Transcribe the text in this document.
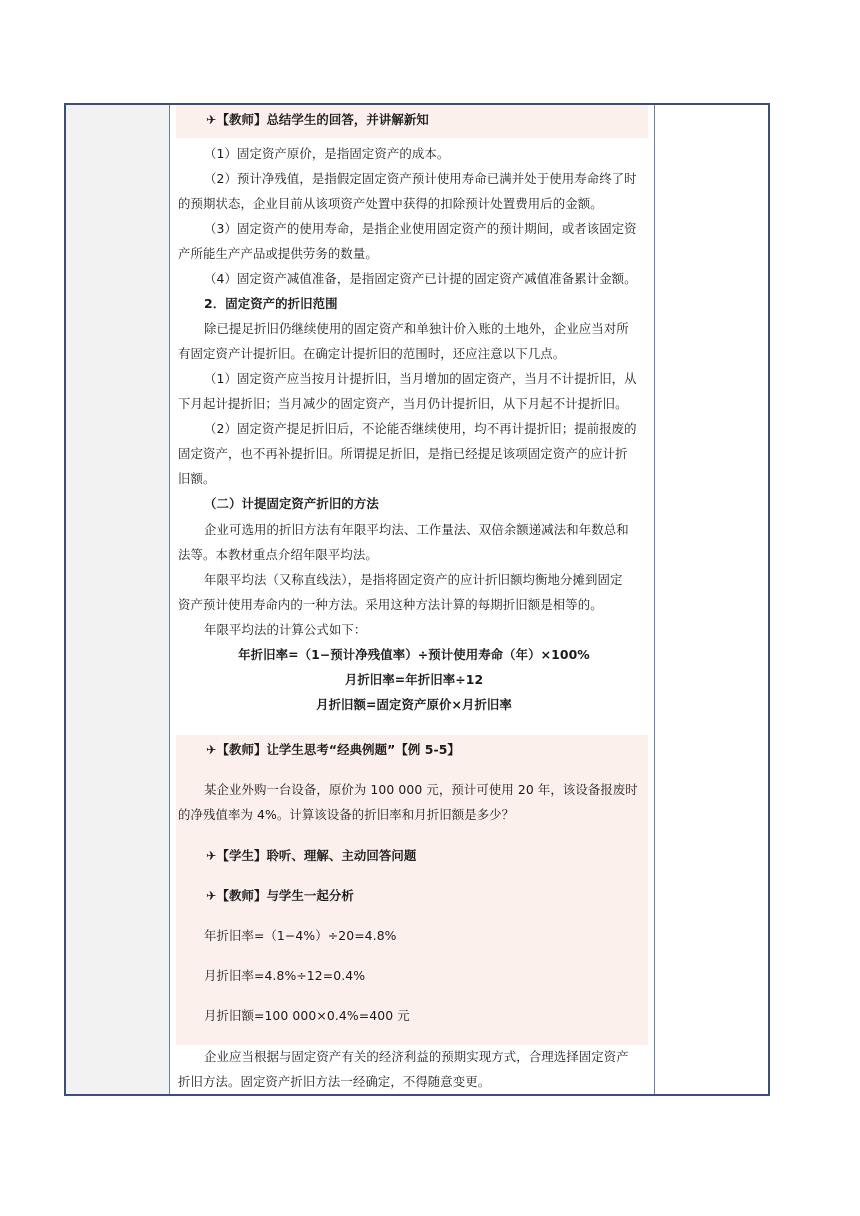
✈【教师】总结学生的回答，并讲解新知
（1）固定资产原价，是指固定资产的成本。
（2）预计净残值，是指假定固定资产预计使用寿命已满并处于使用寿命终了时
的预期状态，企业目前从该项资产处置中获得的扣除预计处置费用后的金额。
（3）固定资产的使用寿命，是指企业使用固定资产的预计期间，或者该固定资
产所能生产产品或提供劳务的数量。
（4）固定资产减值准备，是指固定资产已计提的固定资产减值准备累计金额。
2．固定资产的折旧范围
除已提足折旧仍继续使用的固定资产和单独计价入账的土地外，企业应当对所
有固定资产计提折旧。在确定计提折旧的范围时，还应注意以下几点。
（1）固定资产应当按月计提折旧，当月增加的固定资产，当月不计提折旧，从
下月起计提折旧；当月减少的固定资产，当月仍计提折旧，从下月起不计提折旧。
（2）固定资产提足折旧后，不论能否继续使用，均不再计提折旧；提前报废的
固定资产，也不再补提折旧。所谓提足折旧，是指已经提足该项固定资产的应计折
旧额。
（二）计提固定资产折旧的方法
企业可选用的折旧方法有年限平均法、工作量法、双倍余额递减法和年数总和
法等。本教材重点介绍年限平均法。
年限平均法（又称直线法），是指将固定资产的应计折旧额均衡地分摊到固定
资产预计使用寿命内的一种方法。采用这种方法计算的每期折旧额是相等的。
年限平均法的计算公式如下：
年折旧率=（1−预计净残值率）÷预计使用寿命（年）×100%
月折旧率=年折旧率÷12
月折旧额=固定资产原价×月折旧率
✈【教师】让学生思考“经典例题”【例 5-5】
某企业外购一台设备，原价为 100 000 元，预计可使用 20 年，该设备报废时
的净残值率为 4%。计算该设备的折旧率和月折旧额是多少？
✈【学生】聆听、理解、主动回答问题
✈【教师】与学生一起分析
年折旧率=（1−4%）÷20=4.8%
月折旧率=4.8%÷12=0.4%
月折旧额=100 000×0.4%=400 元
企业应当根据与固定资产有关的经济利益的预期实现方式，合理选择固定资产
折旧方法。固定资产折旧方法一经确定，不得随意变更。
